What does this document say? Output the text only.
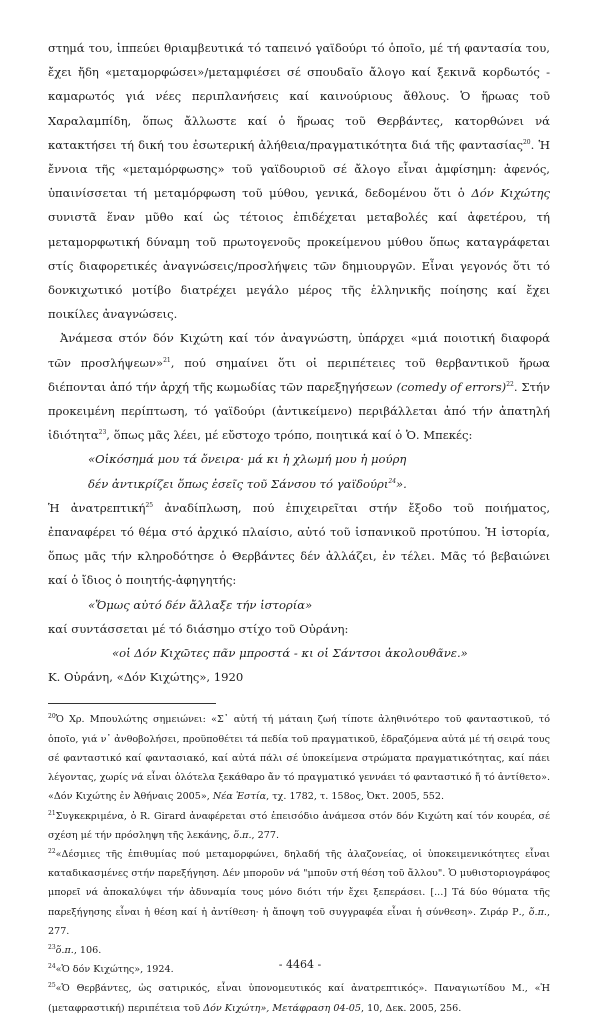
στημά του, ἱππεύει θριαμβευτικά τό ταπεινό γαϊδούρι τό ὁποῖο, μέ τή φαντασία του, ἔχει ἤδη «μεταμορφώσει»/μεταμφιέσει σέ σπουδαῖο ἄλογο καί ξεκινᾶ κορδωτός - καμαρωτός γιά νέες περιπλανήσεις καί καινούριους ἄθλους. Ὁ ἥρωας τοῦ Χαραλαμπίδη, ὅπως ἄλλωστε καί ὁ ἥρωας τοῦ Θερβάντες, κατορθώνει νά κατακτήσει τή δική του ἐσωτερική ἀλήθεια/πραγματικότητα διά τῆς φαντασίας$^{20}$. Ἡ ἔννοια τῆς «μεταμόρφωσης» τοῦ γαϊδουριοῦ σέ ἄλογο εἶναι ἀμφίσημη: ἀφενός, ὑπαινίσσεται τή μεταμόρφωση τοῦ μύθου, γενικά, δεδομένου ὅτι ὁ Δόν Κιχώτης συνιστᾶ ἕναν μῦθο καί ὡς τέτοιος ἐπιδέχεται μεταβολές καί ἀφετέρου, τή μεταμορφωτική δύναμη τοῦ πρωτογενοῦς προκείμενου μύθου ὅπως καταγράφεται στίς διαφορετικές ἀναγνώσεις/προσλήψεις τῶν δημιουργῶν. Εἶναι γεγονός ὅτι τό δονκιχωτικό μοτίβο διατρέχει μεγάλο μέρος τῆς ἑλληνικῆς ποίησης καί ἔχει ποικίλες ἀναγνώσεις.

Ἀνάμεσα στόν δόν Κιχώτη καί τόν ἀναγνώστη, ὑπάρχει «μιά ποιοτική διαφορά τῶν προσλήψεων»$^{21}$, πού σημαίνει ὅτι οἱ περιπέτειες τοῦ θερβαντικοῦ ἥρωα διέπονται ἀπό τήν ἀρχή τῆς κωμωδίας τῶν παρεξηγήσεων (comedy of errors)$^{22}$. Στήν προκειμένη περίπτωση, τό γαϊδούρι (ἀντικείμενο) περιβάλλεται ἀπό τήν ἀπατηλή ἰδιότητα$^{23}$, ὅπως μᾶς λέει, μέ εὔστοχο τρόπο, ποιητικά καί ὁ Ὁ. Μπεκές:

«Οἰκόσημά μου τά ὄνειρα· μά κι ἡ χλωμή μου ἡ μούρη

δέν ἀντικρίζει ὅπως ἐσεῖς τοῦ Σάνσου τό γαϊδούρι$^{24}$».

Ἡ ἀνατρεπτική$^{25}$ ἀναδίπλωση, πού ἐπιχειρεῖται στήν ἔξοδο τοῦ ποιήματος, ἐπαναφέρει τό θέμα στό ἀρχικό πλαίσιο, αὐτό τοῦ ἱσπανικοῦ προτύπου. Ἡ ἱστορία, ὅπως μᾶς τήν κληροδότησε ὁ Θερβάντες δέν ἀλλάζει, ἐν τέλει. Μᾶς τό βεβαιώνει καί ὁ ἴδιος ὁ ποιητής-ἀφηγητής:

«Ὅμως αὐτό δέν ἄλλαξε τήν ἱστορία»

καί συντάσσεται μέ τό διάσημο στίχο τοῦ Οὐράνη:

«οἱ Δόν Κιχῶτες πᾶν μπροστά - κι οἱ Σάντσοι ἀκολουθᾶνε.»

Κ. Οὐράνη, «Δόν Κιχώτης», 1920

$^{20}$Ὁ Χρ. Μπουλώτης σημειώνει: «Σ᾽ αὐτή τή μάταιη ζωή τίποτε ἀληθινότερο τοῦ φανταστικοῦ, τό ὁποῖο, γιά ν᾽ ἀνθοβολήσει, προϋποθέτει τά πεδία τοῦ πραγματικοῦ, ἑδραζόμενα αὐτά μέ τή σειρά τους σέ φανταστικό καί φαντασιακό, καί αὐτά πάλι σέ ὑποκείμενα στρώματα πραγματικότητας, καί πάει λέγοντας, χωρίς νά εἶναι ὁλότελα ξεκάθαρο ἄν τό πραγματικό γεννάει τό φανταστικό ἤ τό ἀντίθετο». «Δόν Κιχώτης ἐν Ἀθήναις 2005», Νέα Ἑστία, τχ. 1782, τ. 158ος, Ὀκτ. 2005, 552.

$^{21}$Συγκεκριμένα, ὁ R. Girard ἀναφέρεται στό ἐπεισόδιο ἀνάμεσα στόν δόν Κιχώτη καί τόν κουρέα, σέ σχέση μέ τήν πρόσληψη τῆς λεκάνης, ὅ.π., 277.

$^{22}$«Δέσμιες τῆς ἐπιθυμίας πού μεταμορφώνει, δηλαδή τῆς ἀλαζονείας, οἱ ὑποκειμενικότητες εἶναι καταδικασμένες στήν παρεξήγηση. Δέν μποροῦν νά "μποῦν στή θέση τοῦ ἄλλου". Ὁ μυθιστοριογράφος μπορεῖ νά ἀποκαλύψει τήν ἀδυναμία τους μόνο διότι τήν ἔχει ξεπεράσει. [...] Τά δύο θύματα τῆς παρεξήγησης εἶναι ἡ θέση καί ἡ ἀντίθεση· ἡ ἄποψη τοῦ συγγραφέα εἶναι ἡ σύνθεση». Ζιράρ Ρ., ὅ.π., 277.

$^{23}$ὅ.π., 106.

$^{24}$«Ὁ δόν Κιχώτης», 1924.

$^{25}$«Ὁ Θερβάντες, ὡς σατιρικός, εἶναι ὑπονομευτικός καί ἀνατρεπτικός». Παναγιωτίδου Μ., «Ἡ (μεταφραστική) περιπέτεια τοῦ Δόν Κιχώτη», Μετάφραση 04-05, 10, Δεκ. 2005, 256.

- 4464 -
